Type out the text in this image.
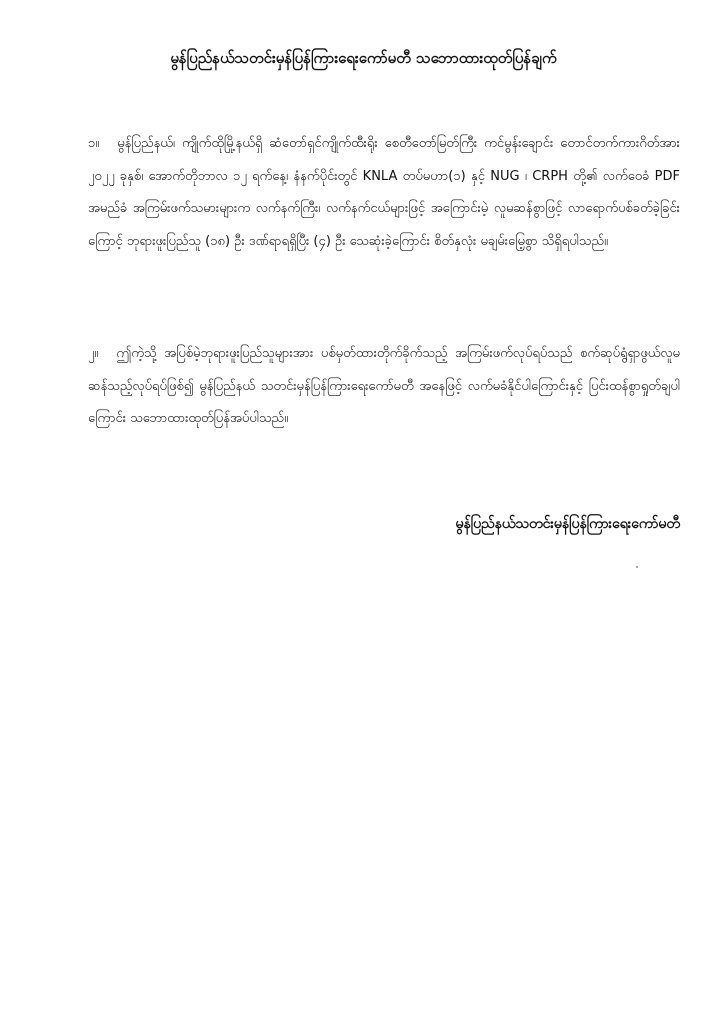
မွန်ပြည်နယ်သတင်းမှန်ပြန်ကြားရေးကော်မတီ သဘောထားထုတ်ပြန်ချက်
၁။ မွန်ပြည်နယ်၊ ကျိုက်ထိုမြို့နယ်ရှိ ဆံတော်ရှင်ကျိုက်ထီးရိုး စေတီတော်မြတ်ကြီး ကင်မွန်းချောင်း တောင်တက်ကားဂိတ်အား ၂၀၂၂ ခုနှစ်၊ အောက်တိုဘာလ ၁၂ ရက်နေ့၊ နံနက်ပိုင်းတွင် KNLA တပ်မဟာ(၁) နှင့် NUG ၊ CRPH တို့၏ လက်ဝေခံ PDF အမည်ခံ အကြမ်းဖက်သမားများက လက်နက်ကြီး၊ လက်နက်ငယ်များဖြင့် အကြောင်းမဲ့ လူမဆန်စွာဖြင့် လာရောက်ပစ်ခတ်ခဲ့ခြင်းကြောင့် ဘုရားဖူးပြည်သူ (၁၈) ဦး ဒဏ်ရာရရှိပြီး (၄) ဦး သေဆုံးခဲ့ကြောင်း စိတ်နှလုံး မချမ်းမြေ့စွာ သိရှိရပါသည်။
၂။ ဤကဲ့သို့ အပြစ်မဲ့ဘုရားဖူးပြည်သူများအား ပစ်မှတ်ထားတိုက်ခိုက်သည့် အကြမ်းဖက်လုပ်ရပ်သည် စက်ဆုပ်ရွံရှာဖွယ်လူမဆန်သည့်လုပ်ရပ်ဖြစ်၍ မွန်ပြည်နယ် သတင်းမှန်ပြန်ကြားရေးကော်မတီ အနေဖြင့် လက်မခံနိုင်ပါကြောင်းနှင့် ပြင်းထန်စွာရှုတ်ချပါကြောင်း သဘောထားထုတ်ပြန်အပ်ပါသည်။
မွန်ပြည်နယ်သတင်းမှန်ပြန်ကြားရေးကော်မတီ
